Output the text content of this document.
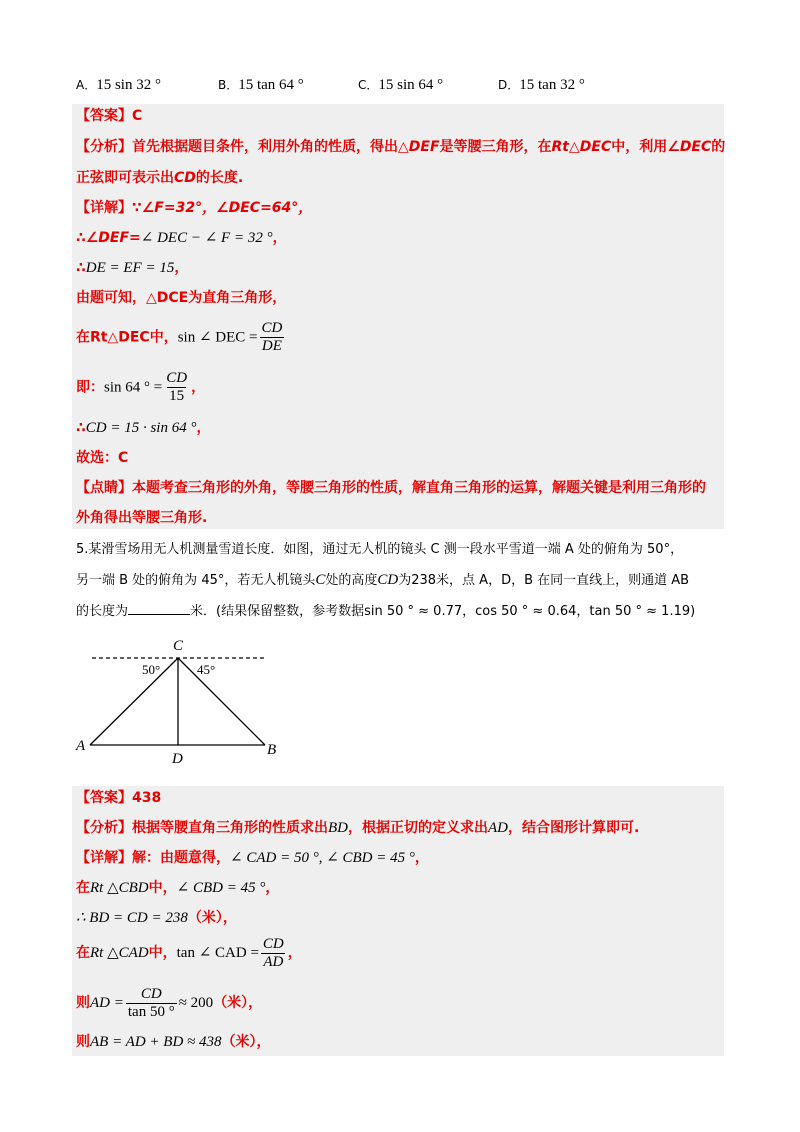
A．15 sin 32 °	B．15 tan 64 °	C．15 sin 64 °	D．15 tan 32 °
【答案】C
【分析】首先根据题目条件，利用外角的性质，得出△DEF是等腰三角形，在Rt△DEC中，利用∠DEC的
正弦即可表示出CD的长度.
【详解】∵∠F=32°，∠DEC=64°，
∴∠DEF=∠ DEC − ∠ F = 32 °，
∴DE = EF = 15，
由题可知，△DCE为直角三角形，
在Rt△DEC中，sin ∠ DEC = $\frac{CD}{DE}$
即：sin 64 ° = $\frac{CD}{15}$ ，
∴CD = 15 · sin 64 °，
故选：C
【点睛】本题考查三角形的外角，等腰三角形的性质，解直角三角形的运算，解题关键是利用三角形的
外角得出等腰三角形.
5.某滑雪场用无人机测量雪道长度．如图，通过无人机的镜头 C 测一段水平雪道一端 A 处的俯角为 50°，
另一端 B 处的俯角为 45°，若无人机镜头C处的高度CD为238米，点 A，D，B 在同一直线上，则通道 AB
的长度为	米．(结果保留整数，参考数据sin 50 ° ≈ 0.77，cos 50 ° ≈ 0.64，tan 50 ° ≈ 1.19)
C
A
D
B
50°	45°
【答案】438
【分析】根据等腰直角三角形的性质求出BD，根据正切的定义求出AD，结合图形计算即可.
【详解】解：由题意得，∠ CAD = 50 °, ∠ CBD = 45 °，
在Rt △CBD中，∠ CBD = 45 °，
∴ BD = CD = 238（米），
在Rt △CAD中，tan ∠ CAD = $\frac{CD}{AD}$ ，
则AD = $\frac{CD}{\tan 50 ^\circ} \approx 200$（米），
则AB = AD + BD ≈ 438（米），
